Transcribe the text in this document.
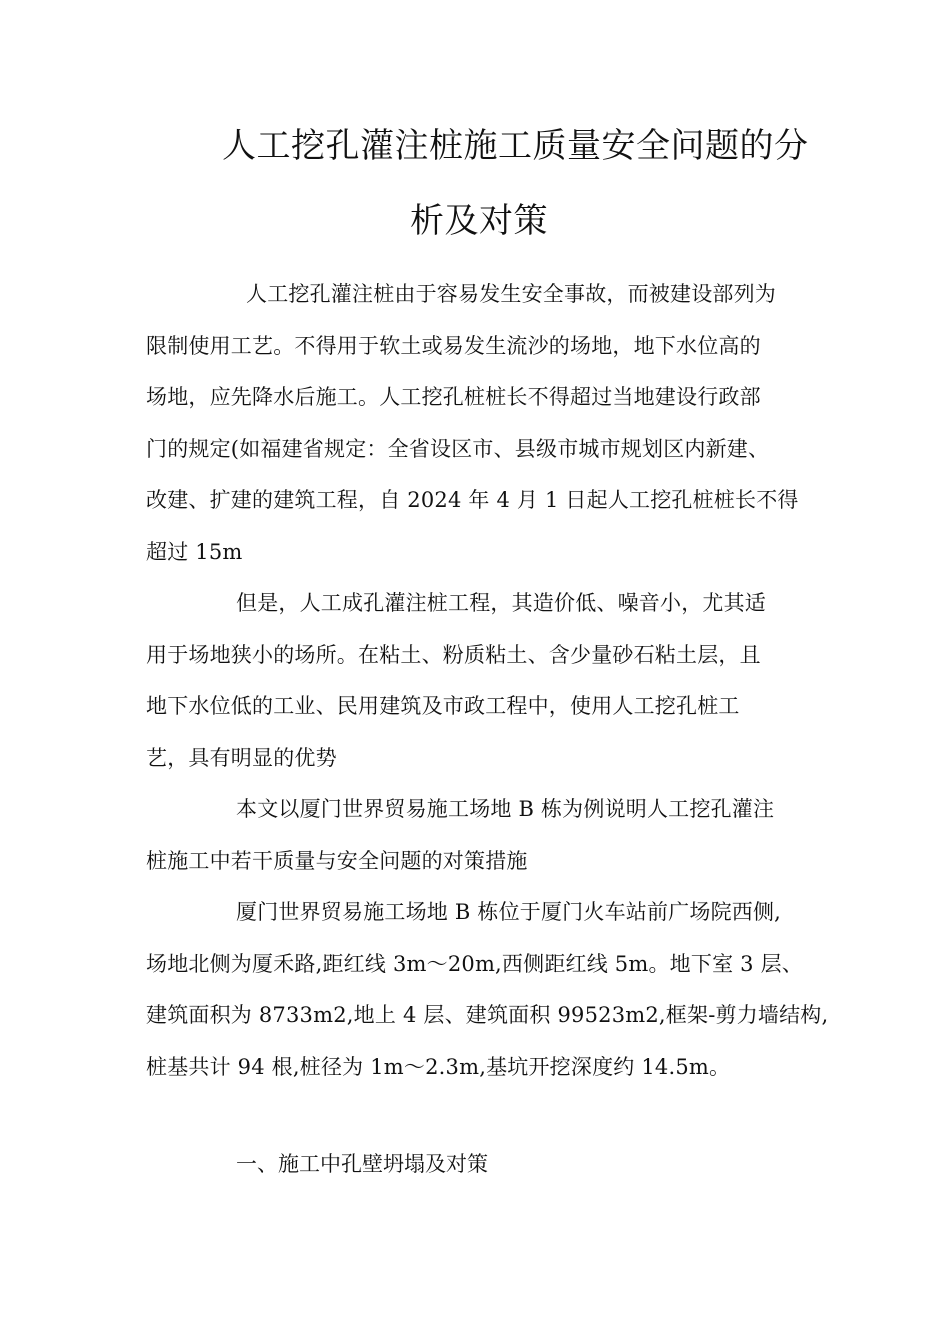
人工挖孔灌注桩施工质量安全问题的分
析及对策
人工挖孔灌注桩由于容易发生安全事故，而被建设部列为
限制使用工艺。不得用于软土或易发生流沙的场地，地下水位高的
场地，应先降水后施工。人工挖孔桩桩长不得超过当地建设行政部
门的规定(如福建省规定：全省设区市、县级市城市规划区内新建、
改建、扩建的建筑工程，自 2024 年 4 月 1 日起人工挖孔桩桩长不得
超过 15m
但是，人工成孔灌注桩工程，其造价低、噪音小，尤其适
用于场地狭小的场所。在粘土、粉质粘土、含少量砂石粘土层，且
地下水位低的工业、民用建筑及市政工程中，使用人工挖孔桩工
艺，具有明显的优势
本文以厦门世界贸易施工场地 B 栋为例说明人工挖孔灌注
桩施工中若干质量与安全问题的对策措施
厦门世界贸易施工场地 B 栋位于厦门火车站前广场院西侧,
场地北侧为厦禾路,距红线 3m～20m,西侧距红线 5m。地下室 3 层、
建筑面积为 8733m2,地上 4 层、建筑面积 99523m2,框架-剪力墙结构,
桩基共计 94 根,桩径为 1m～2.3m,基坑开挖深度约 14.5m。
一、施工中孔壁坍塌及对策
